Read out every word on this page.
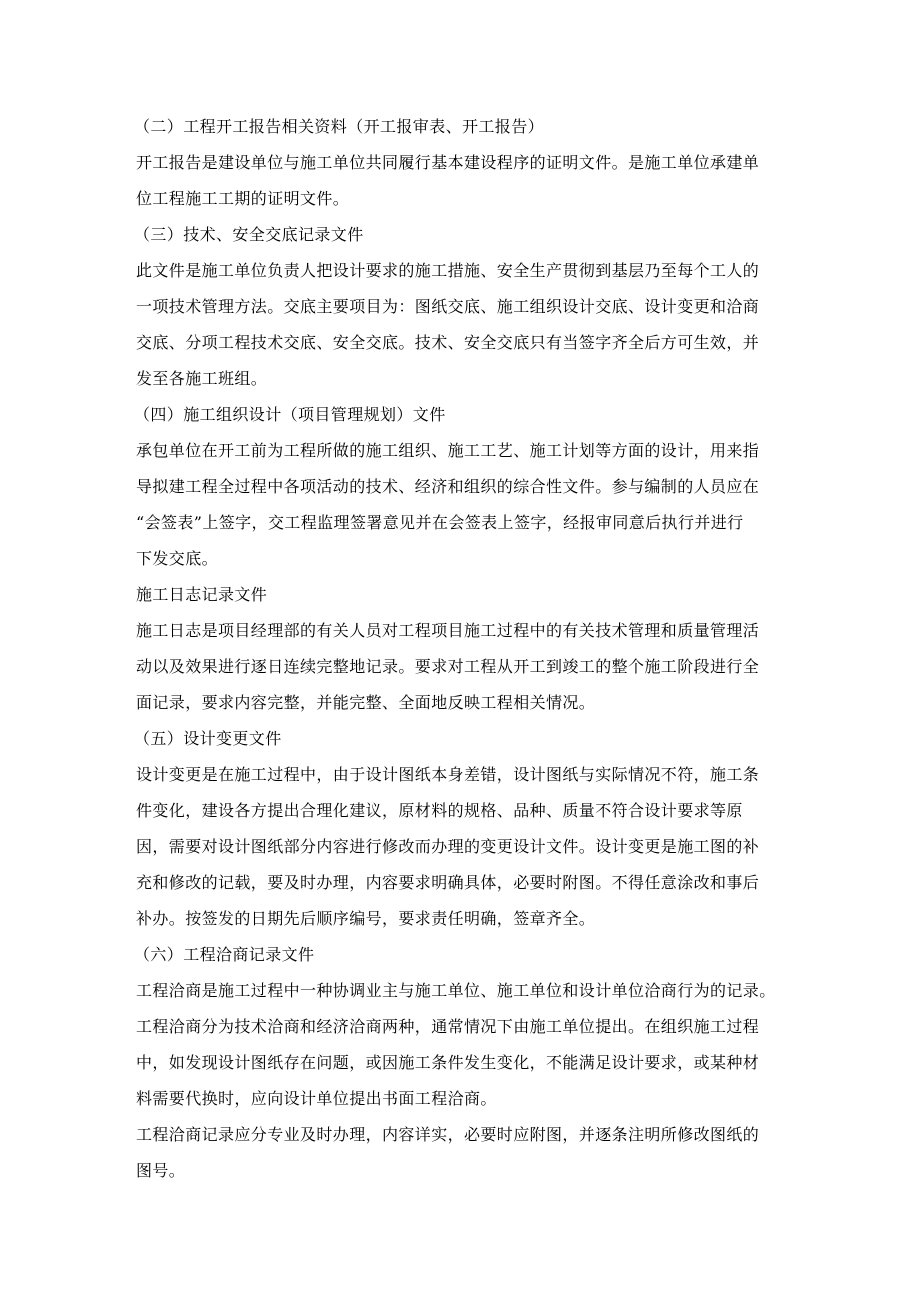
（二）工程开工报告相关资料（开工报审表、开工报告）
开工报告是建设单位与施工单位共同履行基本建设程序的证明文件。是施工单位承建单
位工程施工工期的证明文件。
（三）技术、安全交底记录文件
此文件是施工单位负责人把设计要求的施工措施、安全生产贯彻到基层乃至每个工人的
一项技术管理方法。交底主要项目为：图纸交底、施工组织设计交底、设计变更和洽商
交底、分项工程技术交底、安全交底。技术、安全交底只有当签字齐全后方可生效，并
发至各施工班组。
（四）施工组织设计（项目管理规划）文件
承包单位在开工前为工程所做的施工组织、施工工艺、施工计划等方面的设计，用来指
导拟建工程全过程中各项活动的技术、经济和组织的综合性文件。参与编制的人员应在
“会签表”上签字，交工程监理签署意见并在会签表上签字，经报审同意后执行并进行
下发交底。
施工日志记录文件
施工日志是项目经理部的有关人员对工程项目施工过程中的有关技术管理和质量管理活
动以及效果进行逐日连续完整地记录。要求对工程从开工到竣工的整个施工阶段进行全
面记录，要求内容完整，并能完整、全面地反映工程相关情况。
（五）设计变更文件
设计变更是在施工过程中，由于设计图纸本身差错，设计图纸与实际情况不符，施工条
件变化，建设各方提出合理化建议，原材料的规格、品种、质量不符合设计要求等原
因，需要对设计图纸部分内容进行修改而办理的变更设计文件。设计变更是施工图的补
充和修改的记载，要及时办理，内容要求明确具体，必要时附图。不得任意涂改和事后
补办。按签发的日期先后顺序编号，要求责任明确，签章齐全。
（六）工程洽商记录文件
工程洽商是施工过程中一种协调业主与施工单位、施工单位和设计单位洽商行为的记录。
工程洽商分为技术洽商和经济洽商两种，通常情况下由施工单位提出。在组织施工过程
中，如发现设计图纸存在问题，或因施工条件发生变化，不能满足设计要求，或某种材
料需要代换时，应向设计单位提出书面工程洽商。
工程洽商记录应分专业及时办理，内容详实，必要时应附图，并逐条注明所修改图纸的
图号。
